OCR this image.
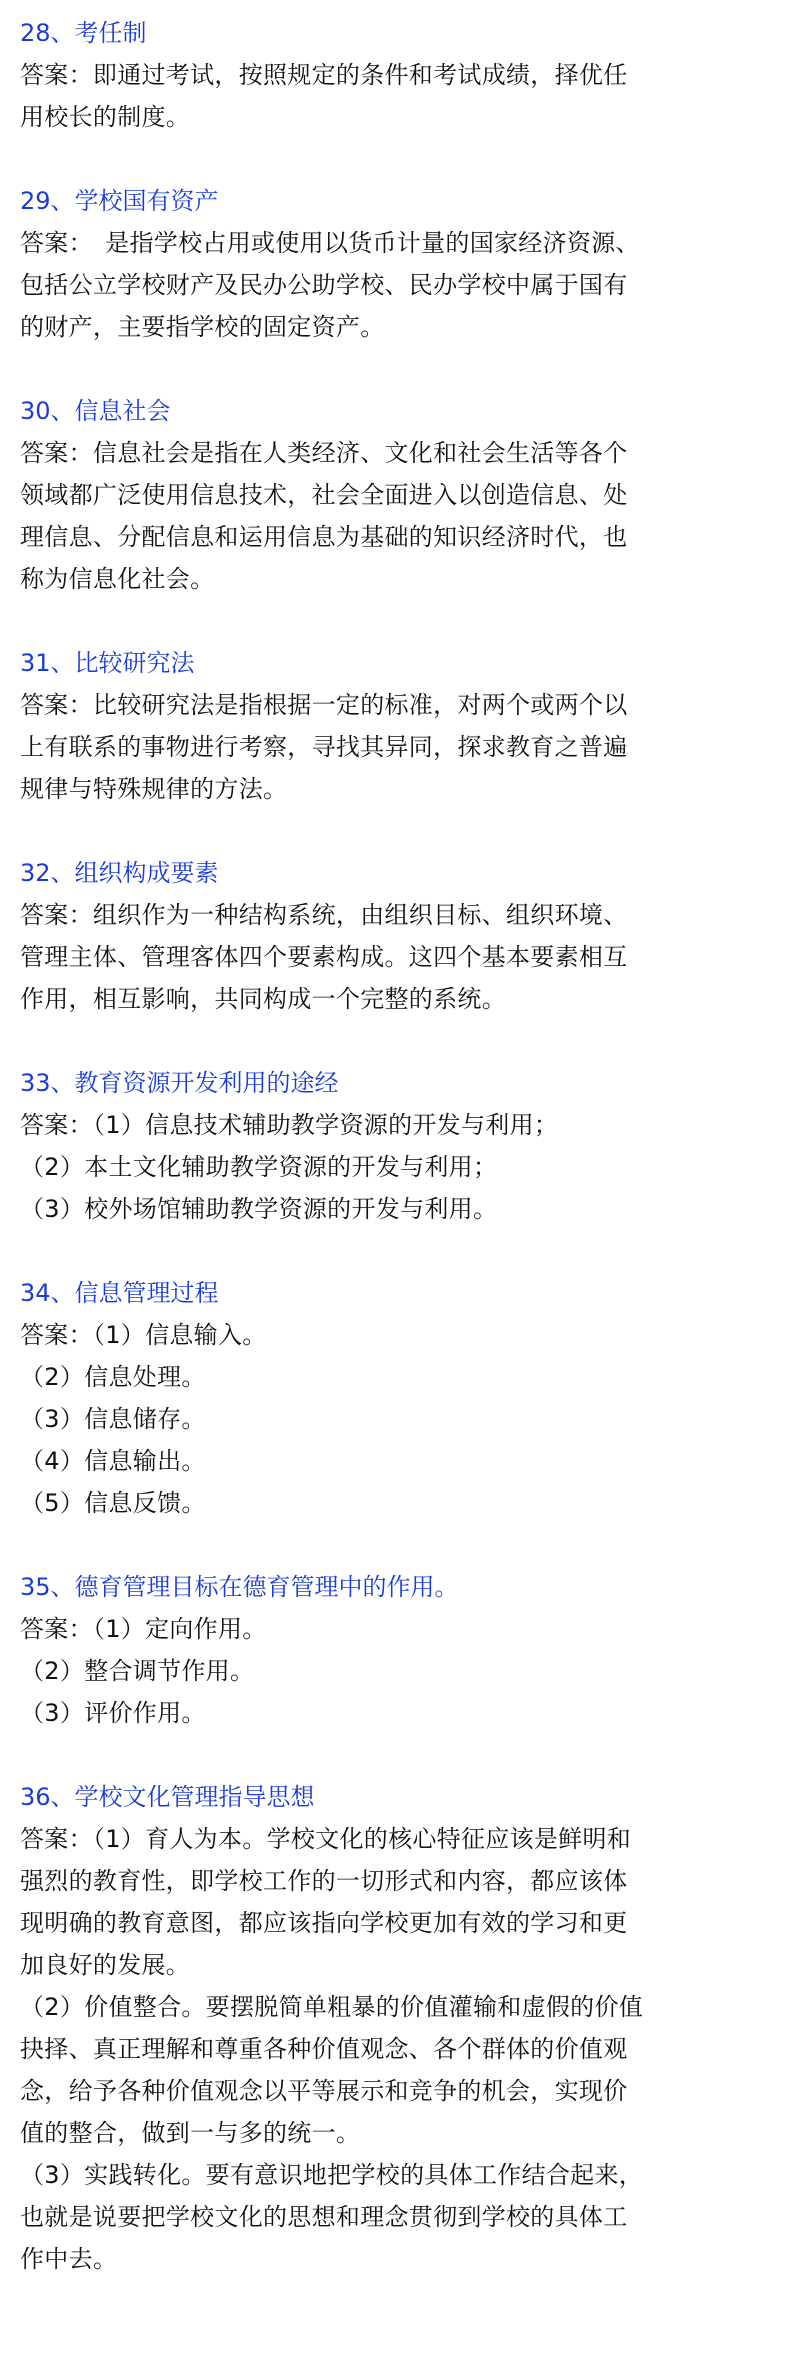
28、考任制
答案：即通过考试，按照规定的条件和考试成绩，择优任
用校长的制度。
29、学校国有资产
答案：　是指学校占用或使用以货币计量的国家经济资源、
包括公立学校财产及民办公助学校、民办学校中属于国有
的财产，主要指学校的固定资产。
30、信息社会
答案：信息社会是指在人类经济、文化和社会生活等各个
领域都广泛使用信息技术，社会全面进入以创造信息、处
理信息、分配信息和运用信息为基础的知识经济时代，也
称为信息化社会。
31、比较研究法
答案：比较研究法是指根据一定的标准，对两个或两个以
上有联系的事物进行考察，寻找其异同，探求教育之普遍
规律与特殊规律的方法。
32、组织构成要素
答案：组织作为一种结构系统，由组织目标、组织环境、
管理主体、管理客体四个要素构成。这四个基本要素相互
作用，相互影响，共同构成一个完整的系统。
33、教育资源开发利用的途经
答案：（1）信息技术辅助教学资源的开发与利用；
（2）本土文化辅助教学资源的开发与利用；
（3）校外场馆辅助教学资源的开发与利用。
34、信息管理过程
答案：（1）信息输入。
（2）信息处理。
（3）信息储存。
（4）信息输出。
（5）信息反馈。
35、德育管理目标在德育管理中的作用。
答案：（1）定向作用。
（2）整合调节作用。
（3）评价作用。
36、学校文化管理指导思想
答案：（1）育人为本。学校文化的核心特征应该是鲜明和
强烈的教育性，即学校工作的一切形式和内容，都应该体
现明确的教育意图，都应该指向学校更加有效的学习和更
加良好的发展。
（2）价值整合。要摆脱简单粗暴的价值灌输和虚假的价值
抉择、真正理解和尊重各种价值观念、各个群体的价值观
念，给予各种价值观念以平等展示和竞争的机会，实现价
值的整合，做到一与多的统一。
（3）实践转化。要有意识地把学校的具体工作结合起来，
也就是说要把学校文化的思想和理念贯彻到学校的具体工
作中去。
